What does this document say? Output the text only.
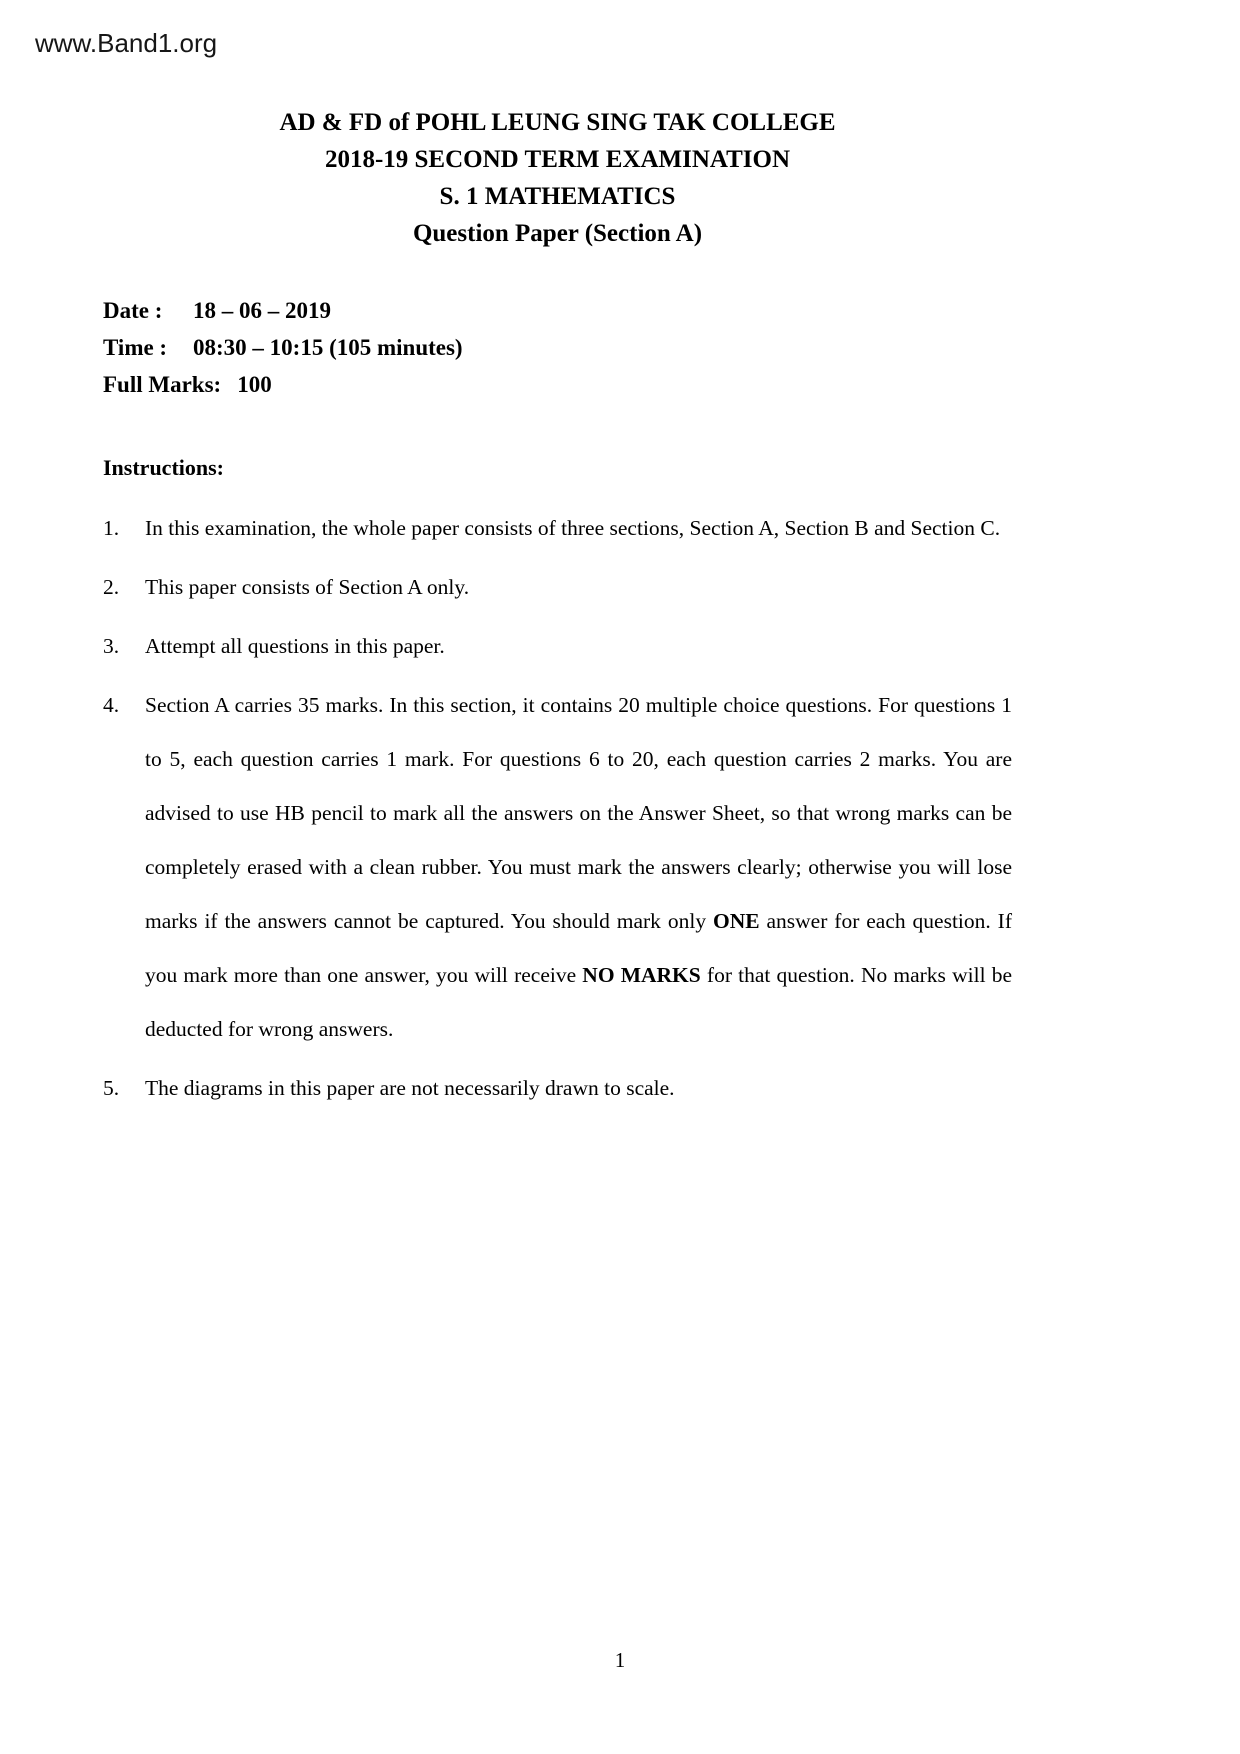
www.Band1.org
AD & FD of POHL LEUNG SING TAK COLLEGE
2018-19 SECOND TERM EXAMINATION
S. 1 MATHEMATICS
Question Paper (Section A)
Date : 18 – 06 – 2019
Time : 08:30 – 10:15 (105 minutes)
Full Marks: 100
Instructions:
1.	In this examination, the whole paper consists of three sections, Section A, Section B and Section C.
2.	This paper consists of Section A only.
3.	Attempt all questions in this paper.
4.	Section A carries 35 marks. In this section, it contains 20 multiple choice questions. For questions 1 to 5, each question carries 1 mark. For questions 6 to 20, each question carries 2 marks. You are advised to use HB pencil to mark all the answers on the Answer Sheet, so that wrong marks can be completely erased with a clean rubber. You must mark the answers clearly; otherwise you will lose marks if the answers cannot be captured. You should mark only ONE answer for each question. If you mark more than one answer, you will receive NO MARKS for that question. No marks will be deducted for wrong answers.
5.	The diagrams in this paper are not necessarily drawn to scale.
1
